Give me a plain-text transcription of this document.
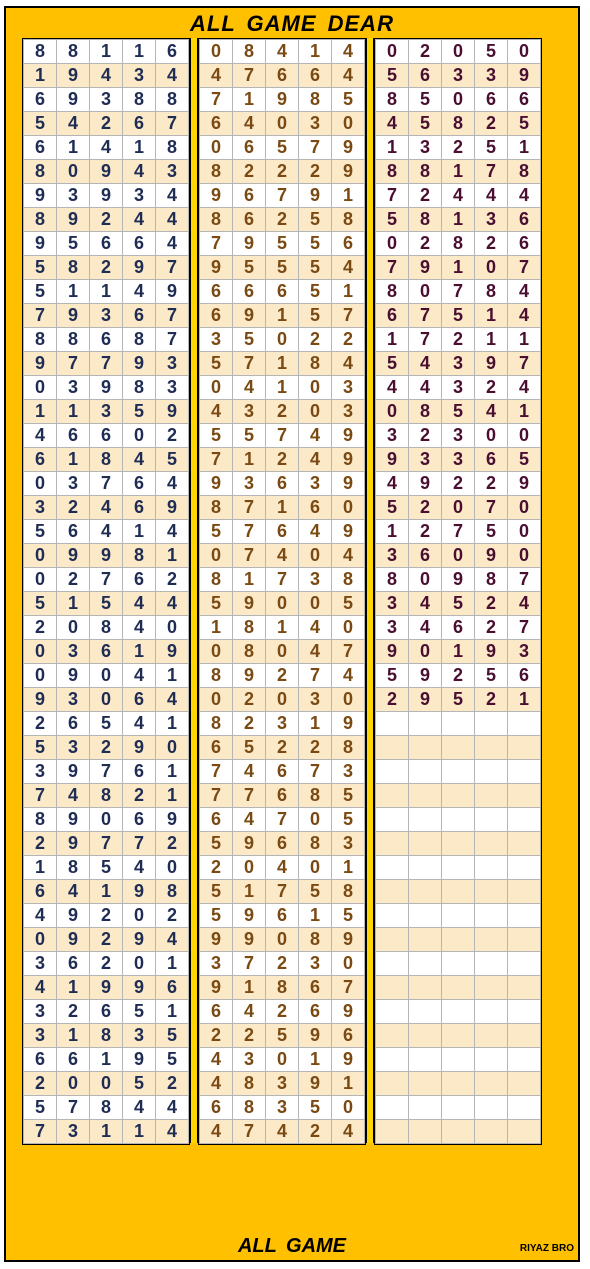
ALL GAME DEAR
8	8	1	1	6
1	9	4	3	4
6	9	3	8	8
5	4	2	6	7
6	1	4	1	8
8	0	9	4	3
9	3	9	3	4
8	9	2	4	4
9	5	6	6	4
5	8	2	9	7
5	1	1	4	9
7	9	3	6	7
8	8	6	8	7
9	7	7	9	3
0	3	9	8	3
1	1	3	5	9
4	6	6	0	2
6	1	8	4	5
0	3	7	6	4
3	2	4	6	9
5	6	4	1	4
0	9	9	8	1
0	2	7	6	2
5	1	5	4	4
2	0	8	4	0
0	3	6	1	9
0	9	0	4	1
9	3	0	6	4
2	6	5	4	1
5	3	2	9	0
3	9	7	6	1
7	4	8	2	1
8	9	0	6	9
2	9	7	7	2
1	8	5	4	0
6	4	1	9	8
4	9	2	0	2
0	9	2	9	4
3	6	2	0	1
4	1	9	9	6
3	2	6	5	1
3	1	8	3	5
6	6	1	9	5
2	0	0	5	2
5	7	8	4	4
7	3	1	1	4
0	8	4	1	4
4	7	6	6	4
7	1	9	8	5
6	4	0	3	0
0	6	5	7	9
8	2	2	2	9
9	6	7	9	1
8	6	2	5	8
7	9	5	5	6
9	5	5	5	4
6	6	6	5	1
6	9	1	5	7
3	5	0	2	2
5	7	1	8	4
0	4	1	0	3
4	3	2	0	3
5	5	7	4	9
7	1	2	4	9
9	3	6	3	9
8	7	1	6	0
5	7	6	4	9
0	7	4	0	4
8	1	7	3	8
5	9	0	0	5
1	8	1	4	0
0	8	0	4	7
8	9	2	7	4
0	2	0	3	0
8	2	3	1	9
6	5	2	2	8
7	4	6	7	3
7	7	6	8	5
6	4	7	0	5
5	9	6	8	3
2	0	4	0	1
5	1	7	5	8
5	9	6	1	5
9	9	0	8	9
3	7	2	3	0
9	1	8	6	7
6	4	2	6	9
2	2	5	9	6
4	3	0	1	9
4	8	3	9	1
6	8	3	5	0
4	7	4	2	4
0	2	0	5	0
5	6	3	3	9
8	5	0	6	6
4	5	8	2	5
1	3	2	5	1
8	8	1	7	8
7	2	4	4	4
5	8	1	3	6
0	2	8	2	6
7	9	1	0	7
8	0	7	8	4
6	7	5	1	4
1	7	2	1	1
5	4	3	9	7
4	4	3	2	4
0	8	5	4	1
3	2	3	0	0
9	3	3	6	5
4	9	2	2	9
5	2	0	7	0
1	2	7	5	0
3	6	0	9	0
8	0	9	8	7
3	4	5	2	4
3	4	6	2	7
9	0	1	9	3
5	9	2	5	6
2	9	5	2	1

ALL GAME	RIYAZ BRO
